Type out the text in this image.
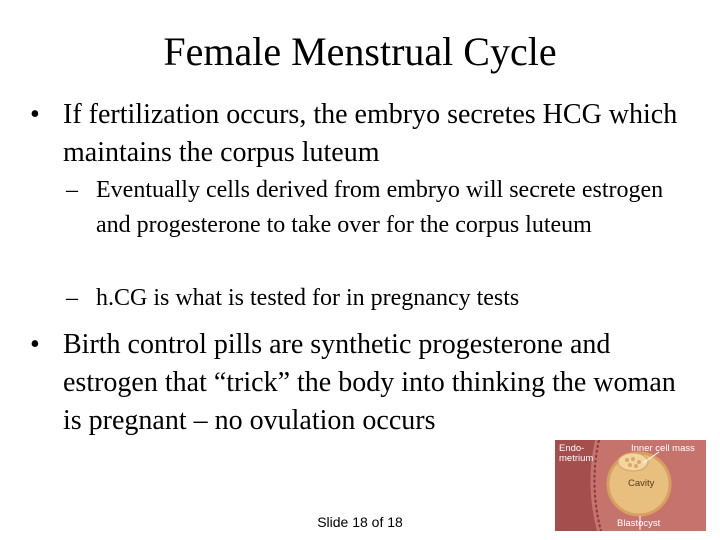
Female Menstrual Cycle
• If fertilization occurs, the embryo secretes HCG which maintains the corpus luteum
– Eventually cells derived from embryo will secrete estrogen and progesterone to take over for the corpus luteum
– h.CG is what is tested for in pregnancy tests
• Birth control pills are synthetic progesterone and estrogen that “trick” the body into thinking the woman is pregnant – no ovulation occurs
Endo-
metrium
Inner cell mass
Cavity
Blastocyst
Slide 18 of 18
